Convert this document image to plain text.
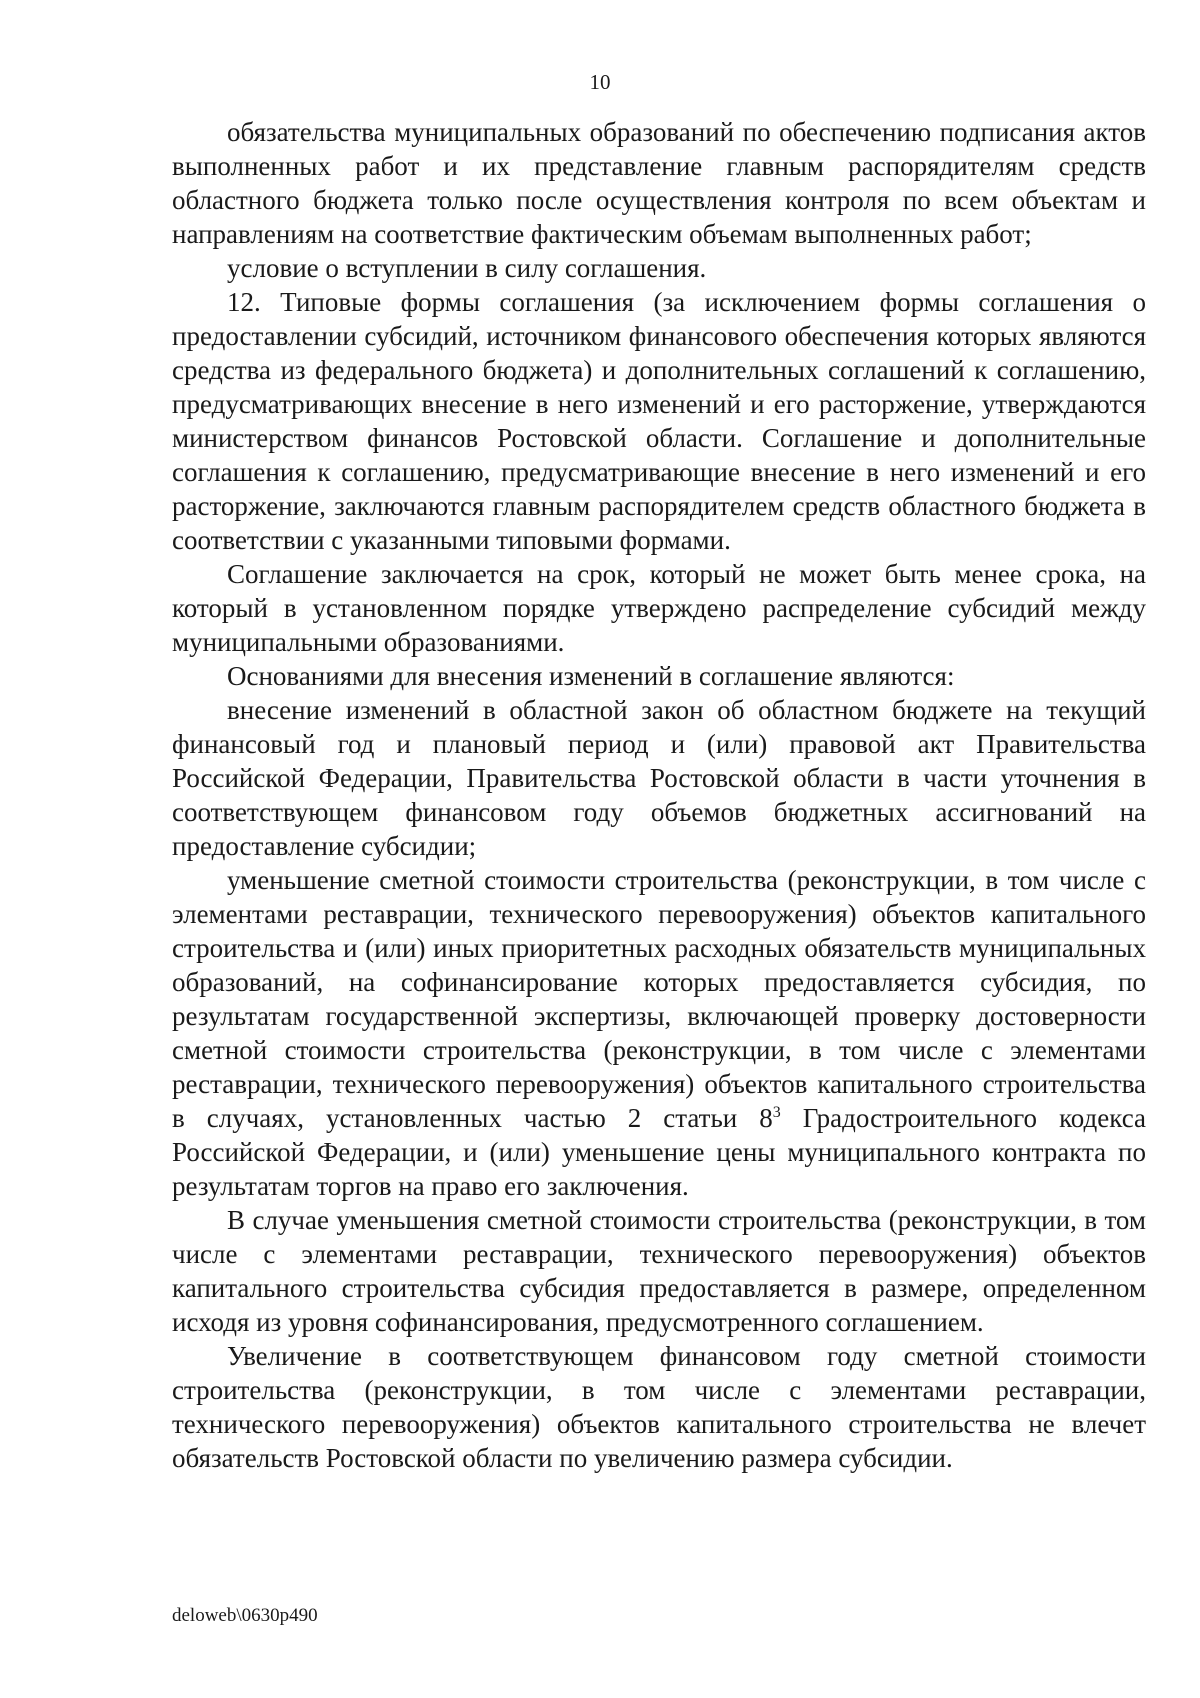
10

обязательства муниципальных образований по обеспечению подписания актов выполненных работ и их представление главным распорядителям средств областного бюджета только после осуществления контроля по всем объектам и направлениям на соответствие фактическим объемам выполненных работ;

условие о вступлении в силу соглашения.

12. Типовые формы соглашения (за исключением формы соглашения о предоставлении субсидий, источником финансового обеспечения которых являются средства из федерального бюджета) и дополнительных соглашений к соглашению, предусматривающих внесение в него изменений и его расторжение, утверждаются министерством финансов Ростовской области. Соглашение и дополнительные соглашения к соглашению, предусматривающие внесение в него изменений и его расторжение, заключаются главным распорядителем средств областного бюджета в соответствии с указанными типовыми формами.

Соглашение заключается на срок, который не может быть менее срока, на который в установленном порядке утверждено распределение субсидий между муниципальными образованиями.

Основаниями для внесения изменений в соглашение являются:

внесение изменений в областной закон об областном бюджете на текущий финансовый год и плановый период и (или) правовой акт Правительства Российской Федерации, Правительства Ростовской области в части уточнения в соответствующем финансовом году объемов бюджетных ассигнований на предоставление субсидии;

уменьшение сметной стоимости строительства (реконструкции, в том числе с элементами реставрации, технического перевооружения) объектов капитального строительства и (или) иных приоритетных расходных обязательств муниципальных образований, на софинансирование которых предоставляется субсидия, по результатам государственной экспертизы, включающей проверку достоверности сметной стоимости строительства (реконструкции, в том числе с элементами реставрации, технического перевооружения) объектов капитального строительства в случаях, установленных частью 2 статьи $8^3$ Градостроительного кодекса Российской Федерации, и (или) уменьшение цены муниципального контракта по результатам торгов на право его заключения.

В случае уменьшения сметной стоимости строительства (реконструкции, в том числе с элементами реставрации, технического перевооружения) объектов капитального строительства субсидия предоставляется в размере, определенном исходя из уровня софинансирования, предусмотренного соглашением.

Увеличение в соответствующем финансовом году сметной стоимости строительства (реконструкции, в том числе с элементами реставрации, технического перевооружения) объектов капитального строительства не влечет обязательств Ростовской области по увеличению размера субсидии.

deloweb\0630p490
